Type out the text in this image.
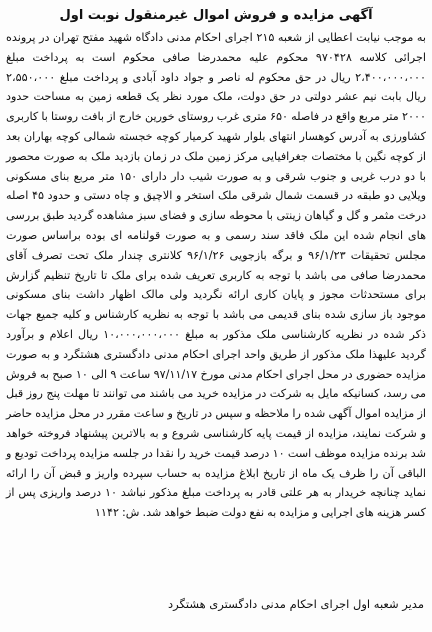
آگهی مزایده و فروش اموال غیرمنقول نوبت اول

به موجب نیابت اعطایی از شعبه ۲۱۵ اجرای احکام مدنی دادگاه شهید مفتح تهران در پرونده اجرائی کلاسه ۹۷۰۴۲۸ محکوم علیه محمدرضا صافی محکوم است به پرداخت مبلغ ۲،۴۰۰،۰۰۰،۰۰۰ ریال در حق محکوم له ناصر و جواد داود آبادی و پرداخت مبلغ ۲،۵۵۰،۰۰۰ ریال بابت نیم عشر دولتی در حق دولت، ملک مورد نظر یک قطعه زمین به مساحت حدود ۲۰۰۰ متر مربع واقع در فاصله ۶۵۰ متری غرب روستای خورین خارج از بافت روستا با کاربری کشاورزی به آدرس کوهسار انتهای بلوار شهید کرمیار کوچه خجسته شمالی کوچه بهاران بعد از کوچه نگین با مختصات جغرافیایی مرکز زمین ملک در زمان بازدید ملک به صورت محصور با دو درب غربی و جنوب شرقی و به صورت شیب دار دارای ۱۵۰ متر مربع بنای مسکونی ویلایی دو طبقه در قسمت شمال شرقی ملک استخر و الاچیق و چاه دستی و حدود ۴۵ اصله درخت مثمر و گل و گیاهان زینتی با محوطه سازی و فضای سبز مشاهده گردید طبق بررسی های انجام شده این ملک فاقد سند رسمی و به صورت قولنامه ای بوده براساس صورت مجلس تحقیقات ۹۶/۱/۲۳ و برگه بازجویی ۹۶/۱/۲۶ کلانتری چندار ملک تحت تصرف آقای محمدرضا صافی می باشد با توجه به کاربری تعریف شده برای ملک تا تاریخ تنظیم گزارش برای مستحدثات مجوز و پایان کاری ارائه نگردید ولی مالک اظهار داشت بنای مسکونی موجود باز سازی شده بنای قدیمی می باشد با توجه به نظریه کارشناس و کلیه جمیع جهات ذکر شده در نظریه کارشناسی ملک مذکور به مبلغ ۱۰،۰۰۰،۰۰۰،۰۰۰ ریال اعلام و برآورد گردید علیهذا ملک مذکور از طریق واحد اجرای احکام مدنی دادگستری هشتگرد و به صورت مزایده حضوری در محل اجرای احکام مدنی مورخ ۹۷/۱۱/۱۷ ساعت ۹ الی ۱۰ صبح به فروش می رسد، کسانیکه مایل به شرکت در مزایده خرید می باشند می توانند تا مهلت پنج روز قبل از مزایده اموال آگهی شده را ملاحظه و سپس در تاریخ و ساعت مقرر در محل مزایده حاضر و شرکت نمایند، مزایده از قیمت پایه کارشناسی شروع و به بالاترین پیشنهاد فروخته خواهد شد برنده مزایده موظف است ۱۰ درصد قیمت خرید را نقدا در جلسه مزایده پرداخت تودیع و الباقی آن را ظرف یک ماه از تاریخ ابلاغ مزایده به حساب سپرده واریز و قبض آن را ارائه نماید چنانچه خریدار به هر علتی قادر به پرداخت مبلغ مذکور نباشد ۱۰ درصد واریزی پس از کسر هزینه های اجرایی و مزایده به نفع دولت ضبط خواهد شد. ش: ۱۱۴۲

مدیر شعبه اول اجرای احکام مدنی دادگستری هشتگرد
